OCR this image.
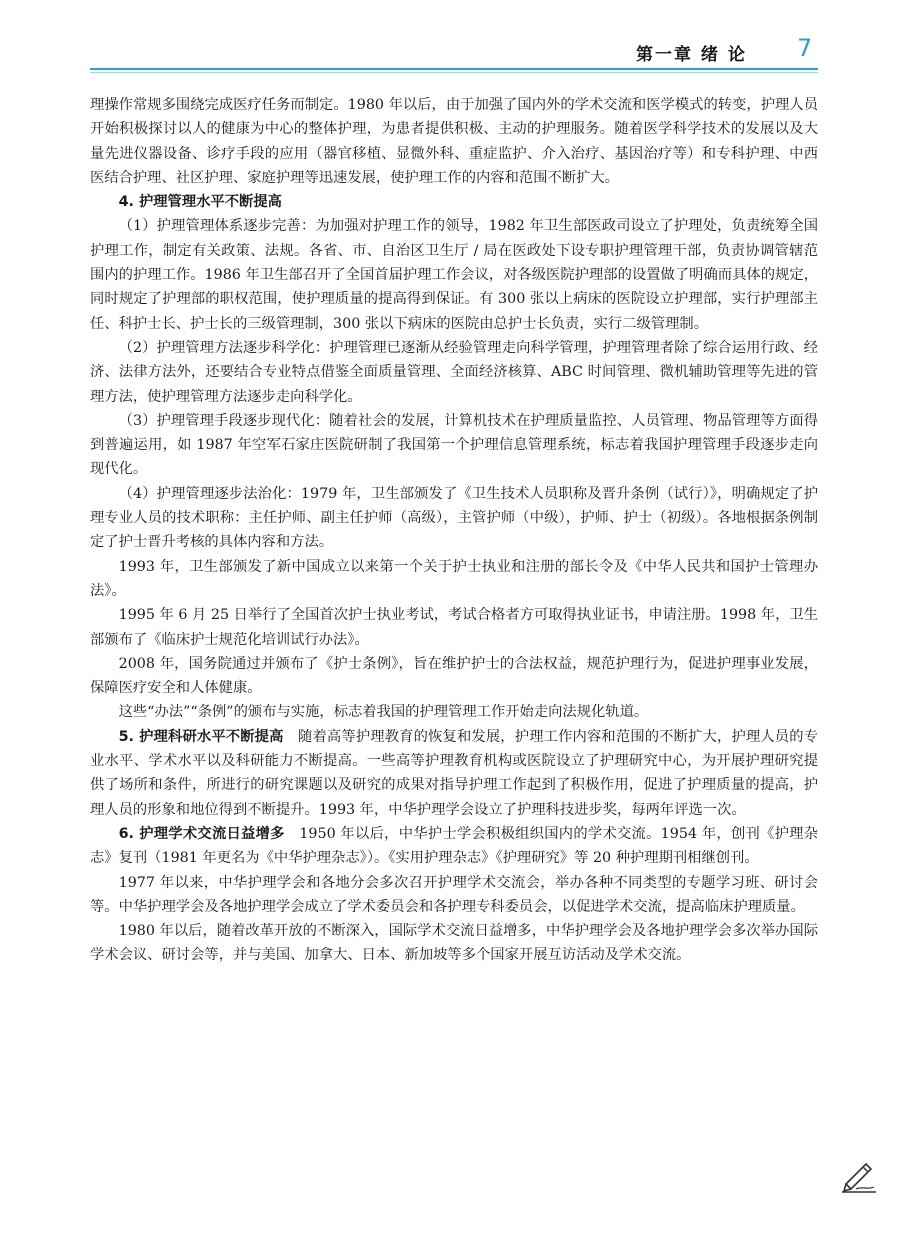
第一章 绪 论 7

理操作常规多围绕完成医疗任务而制定。1980 年以后，由于加强了国内外的学术交流和医学模式的转变，护理人员开始积极探讨以人的健康为中心的整体护理，为患者提供积极、主动的护理服务。随着医学科学技术的发展以及大量先进仪器设备、诊疗手段的应用（器官移植、显微外科、重症监护、介入治疗、基因治疗等）和专科护理、中西医结合护理、社区护理、家庭护理等迅速发展，使护理工作的内容和范围不断扩大。

4. 护理管理水平不断提高

（1）护理管理体系逐步完善：为加强对护理工作的领导，1982 年卫生部医政司设立了护理处，负责统筹全国护理工作，制定有关政策、法规。各省、市、自治区卫生厅 / 局在医政处下设专职护理管理干部，负责协调管辖范围内的护理工作。1986 年卫生部召开了全国首届护理工作会议，对各级医院护理部的设置做了明确而具体的规定，同时规定了护理部的职权范围，使护理质量的提高得到保证。有 300 张以上病床的医院设立护理部，实行护理部主任、科护士长、护士长的三级管理制，300 张以下病床的医院由总护士长负责，实行二级管理制。

（2）护理管理方法逐步科学化：护理管理已逐渐从经验管理走向科学管理，护理管理者除了综合运用行政、经济、法律方法外，还要结合专业特点借鉴全面质量管理、全面经济核算、ABC 时间管理、微机辅助管理等先进的管理方法，使护理管理方法逐步走向科学化。

（3）护理管理手段逐步现代化：随着社会的发展，计算机技术在护理质量监控、人员管理、物品管理等方面得到普遍运用，如 1987 年空军石家庄医院研制了我国第一个护理信息管理系统，标志着我国护理管理手段逐步走向现代化。

（4）护理管理逐步法治化：1979 年，卫生部颁发了《卫生技术人员职称及晋升条例（试行）》，明确规定了护理专业人员的技术职称：主任护师、副主任护师（高级），主管护师（中级），护师、护士（初级）。各地根据条例制定了护士晋升考核的具体内容和方法。

1993 年，卫生部颁发了新中国成立以来第一个关于护士执业和注册的部长令及《中华人民共和国护士管理办法》。

1995 年 6 月 25 日举行了全国首次护士执业考试，考试合格者方可取得执业证书，申请注册。1998 年，卫生部颁布了《临床护士规范化培训试行办法》。

2008 年，国务院通过并颁布了《护士条例》，旨在维护护士的合法权益，规范护理行为，促进护理事业发展，保障医疗安全和人体健康。

这些“办法”“条例”的颁布与实施，标志着我国的护理管理工作开始走向法规化轨道。

5. 护理科研水平不断提高　 随着高等护理教育的恢复和发展，护理工作内容和范围的不断扩大，护理人员的专业水平、学术水平以及科研能力不断提高。一些高等护理教育机构或医院设立了护理研究中心，为开展护理研究提供了场所和条件，所进行的研究课题以及研究的成果对指导护理工作起到了积极作用，促进了护理质量的提高，护理人员的形象和地位得到不断提升。1993 年，中华护理学会设立了护理科技进步奖，每两年评选一次。

6. 护理学术交流日益增多　 1950 年以后，中华护士学会积极组织国内的学术交流。1954 年，创刊《护理杂志》复刊（1981 年更名为《中华护理杂志》）。《实用护理杂志》《护理研究》等 20 种护理期刊相继创刊。

1977 年以来，中华护理学会和各地分会多次召开护理学术交流会，举办各种不同类型的专题学习班、研讨会等。中华护理学会及各地护理学会成立了学术委员会和各护理专科委员会，以促进学术交流，提高临床护理质量。

1980 年以后，随着改革开放的不断深入，国际学术交流日益增多，中华护理学会及各地护理学会多次举办国际学术会议、研讨会等，并与美国、加拿大、日本、新加坡等多个国家开展互访活动及学术交流。
